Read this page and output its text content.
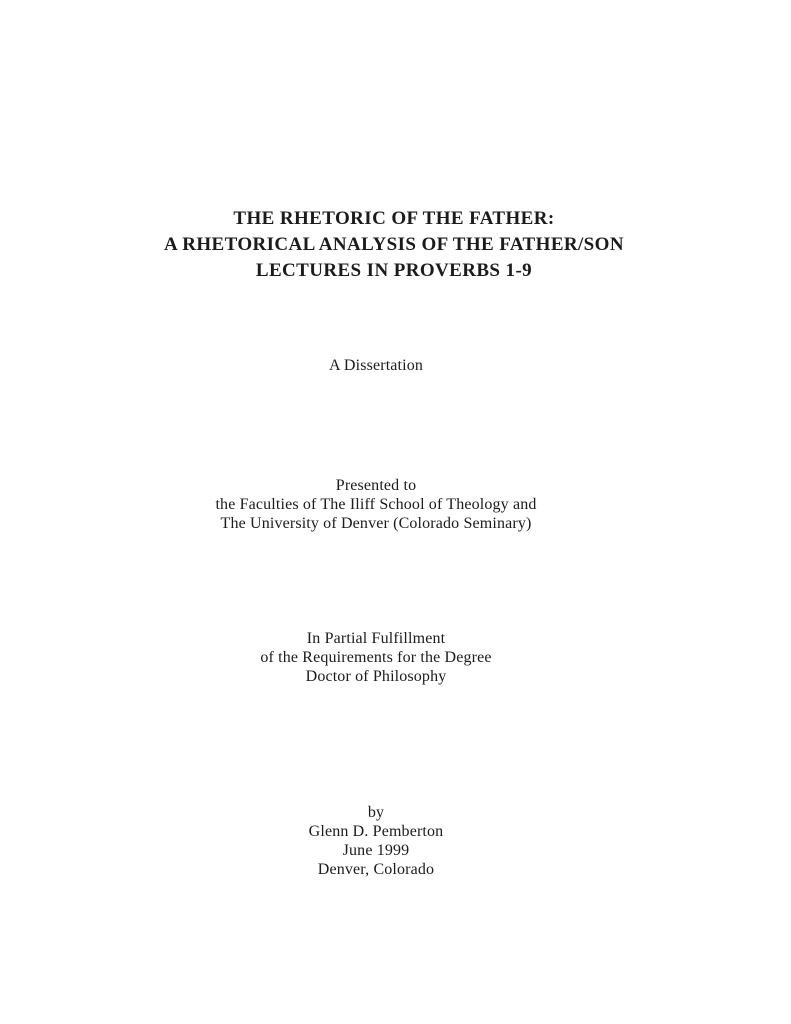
THE RHETORIC OF THE FATHER:
A RHETORICAL ANALYSIS OF THE FATHER/SON
LECTURES IN PROVERBS 1-9
A Dissertation
Presented to
the Faculties of The Iliff School of Theology and
The University of Denver (Colorado Seminary)
In Partial Fulfillment
of the Requirements for the Degree
Doctor of Philosophy
by
Glenn D. Pemberton
June 1999
Denver, Colorado
